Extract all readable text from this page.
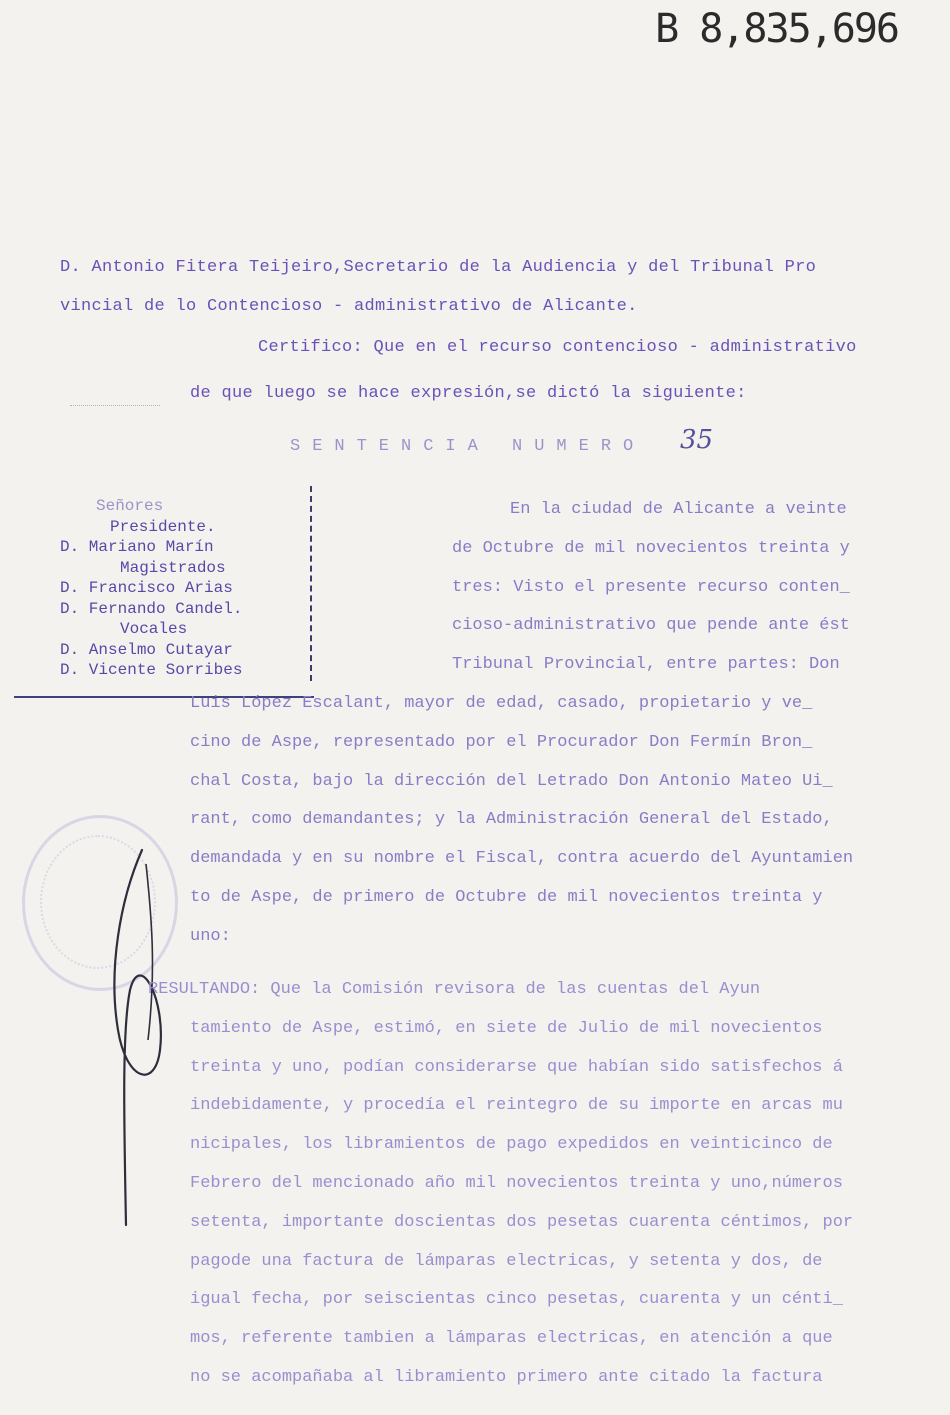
B 8,835,696
D. Antonio Fitera Teijeiro,Secretario de la Audiencia y del Tribunal Pro
vincial de lo Contencioso - administrativo de Alicante.
Certifico: Que en el recurso contencioso - administrativo
de que luego se hace expresión,se dictó la siguiente:
SENTENCIA NUMERO 35
Señores
Presidente.
D. Mariano Marín
Magistrados
D. Francisco Arias
D. Fernando Candel.
Vocales
D. Anselmo Cutayar
D. Vicente Sorribes
En la ciudad de Alicante a veinte
de Octubre de mil novecientos treinta y
tres: Visto el presente recurso conten_
cioso-administrativo que pende ante ést
Tribunal Provincial, entre partes: Don
Luis López Escalant, mayor de edad, casado, propietario y ve_
cino de Aspe, representado por el Procurador Don Fermín Bron_
chal Costa, bajo la dirección del Letrado Don Antonio Mateo Ui_
rant, como demandantes; y la Administración General del Estado,
demandada y en su nombre el Fiscal, contra acuerdo del Ayuntamien
to de Aspe, de primero de Octubre de mil novecientos treinta y
uno:
RESULTANDO: Que la Comisión revisora de las cuentas del Ayun
tamiento de Aspe, estimó, en siete de Julio de mil novecientos
treinta y uno, podían considerarse que habían sido satisfechos á
indebidamente, y procedía el reintegro de su importe en arcas mu
nicipales, los libramientos de pago expedidos en veinticinco de
Febrero del mencionado año mil novecientos treinta y uno,números
setenta, importante doscientas dos pesetas cuarenta céntimos, por
pagode una factura de lámparas electricas, y setenta y dos, de
igual fecha, por seiscientas cinco pesetas, cuarenta y un cénti_
mos, referente tambien a lámparas electricas, en atención a que
no se acompañaba al libramiento primero ante citado la factura
